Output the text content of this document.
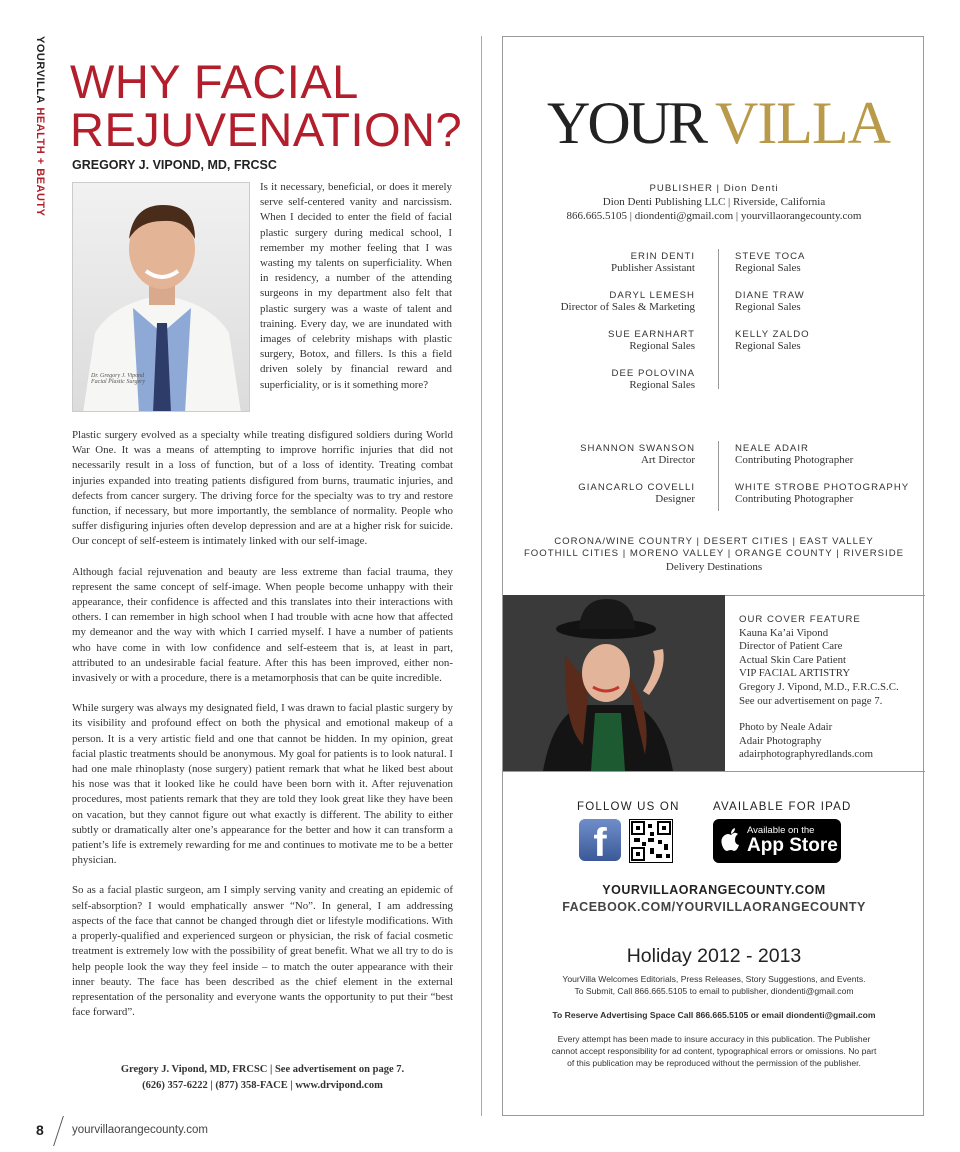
YOURVILLA HEALTH + BEAUTY
WHY FACIAL
REJUVENATION?
GREGORY J. VIPOND, MD, FRCSC
Dr. Gregory J. Vipond Facial Plastic Surgery
Is it necessary, beneficial, or does it merely serve self-centered vanity and narcissism. When I decided to enter the field of facial plastic surgery during medical school, I remember my mother feeling that I was wasting my talents on superficiality. When in residency, a number of the attending surgeons in my department also felt that plastic surgery was a waste of talent and training. Every day, we are inundated with images of celebrity mishaps with plastic surgery, Botox, and fillers. Is this a field driven solely by financial reward and superficiality, or is it something more?

Plastic surgery evolved as a specialty while treating disfigured soldiers during World War One. It was a means of attempting to improve horrific injuries that did not necessarily result in a loss of function, but of a loss of identity. Treating combat injuries expanded into treating patients disfigured from burns, traumatic injuries, and defects from cancer surgery. The driving force for the specialty was to try and restore function, if necessary, but more importantly, the semblance of normality. People who suffer disfiguring injuries often develop depression and are at a higher risk for suicide. Our concept of self-esteem is intimately linked with our self-image.

Although facial rejuvenation and beauty are less extreme than facial trauma, they represent the same concept of self-image. When people become unhappy with their appearance, their confidence is affected and this translates into their interactions with others. I can remember in high school when I had trouble with acne how that affected my demeanor and the way with which I carried myself. I have a number of patients who have come in with low confidence and self-esteem that is, at least in part, attributed to an undesirable facial feature. After this has been improved, either non-invasively or with a procedure, there is a metamorphosis that can be quite incredible.

While surgery was always my designated field, I was drawn to facial plastic surgery by its visibility and profound effect on both the physical and emotional makeup of a person. It is a very artistic field and one that cannot be hidden. In my opinion, great facial plastic treatments should be anonymous. My goal for patients is to look natural. I had one male rhinoplasty (nose surgery) patient remark that what he liked best about his nose was that it looked like he could have been born with it. After rejuvenation procedures, most patients remark that they are told they look great like they have been on vacation, but they cannot figure out what exactly is different. The ability to either subtly or dramatically alter one’s appearance for the better and how it can transform a patient’s life is extremely rewarding for me and continues to motivate me to be a better physician.

So as a facial plastic surgeon, am I simply serving vanity and creating an epidemic of self-absorption? I would emphatically answer “No”. In general, I am addressing aspects of the face that cannot be changed through diet or lifestyle modifications. With a properly-qualified and experienced surgeon or physician, the risk of facial cosmetic treatment is extremely low with the possibility of great benefit. What we all try to do is help people look the way they feel inside – to match the outer appearance with their inner beauty. The face has been described as the chief element in the external representation of the personality and everyone wants the opportunity to put their “best face forward”.

Gregory J. Vipond, MD, FRCSC | See advertisement on page 7.
(626) 357-6222 | (877) 358-FACE | www.drvipond.com
8 yourvillaorangecounty.com
YOUR VILLA
PUBLISHER | Dion Denti
Dion Denti Publishing LLC | Riverside, California
866.665.5105 | diondenti@gmail.com | yourvillaorangecounty.com
ERIN DENTI
Publisher Assistant
DARYL LEMESH
Director of Sales & Marketing
SUE EARNHART
Regional Sales
DEE POLOVINA
Regional Sales
STEVE TOCA
Regional Sales
DIANE TRAW
Regional Sales
KELLY ZALDO
Regional Sales
SHANNON SWANSON
Art Director
GIANCARLO COVELLI
Designer
NEALE ADAIR
Contributing Photographer
WHITE STROBE PHOTOGRAPHY
Contributing Photographer
CORONA/WINE COUNTRY | DESERT CITIES | EAST VALLEY
FOOTHILL CITIES | MORENO VALLEY | ORANGE COUNTY | RIVERSIDE
Delivery Destinations
OUR COVER FEATURE
Kauna Ka’ai Vipond
Director of Patient Care
Actual Skin Care Patient
VIP FACIAL ARTISTRY
Gregory J. Vipond, M.D., F.R.C.S.C.
See our advertisement on page 7.
Photo by Neale Adair
Adair Photography
adairphotographyredlands.com
FOLLOW US ON	AVAILABLE FOR IPAD
f	Available on the
App Store
YOURVILLAORANGECOUNTY.COM
FACEBOOK.COM/YOURVILLAORANGECOUNTY
Holiday 2012 - 2013
YourVilla Welcomes Editorials, Press Releases, Story Suggestions, and Events.
To Submit, Call 866.665.5105 to email to publisher, diondenti@gmail.com
To Reserve Advertising Space Call 866.665.5105 or email diondenti@gmail.com
Every attempt has been made to insure accuracy in this publication. The Publisher
cannot accept responsibility for ad content, typographical errors or omissions. No part
of this publication may be reproduced without the permission of the publisher.
